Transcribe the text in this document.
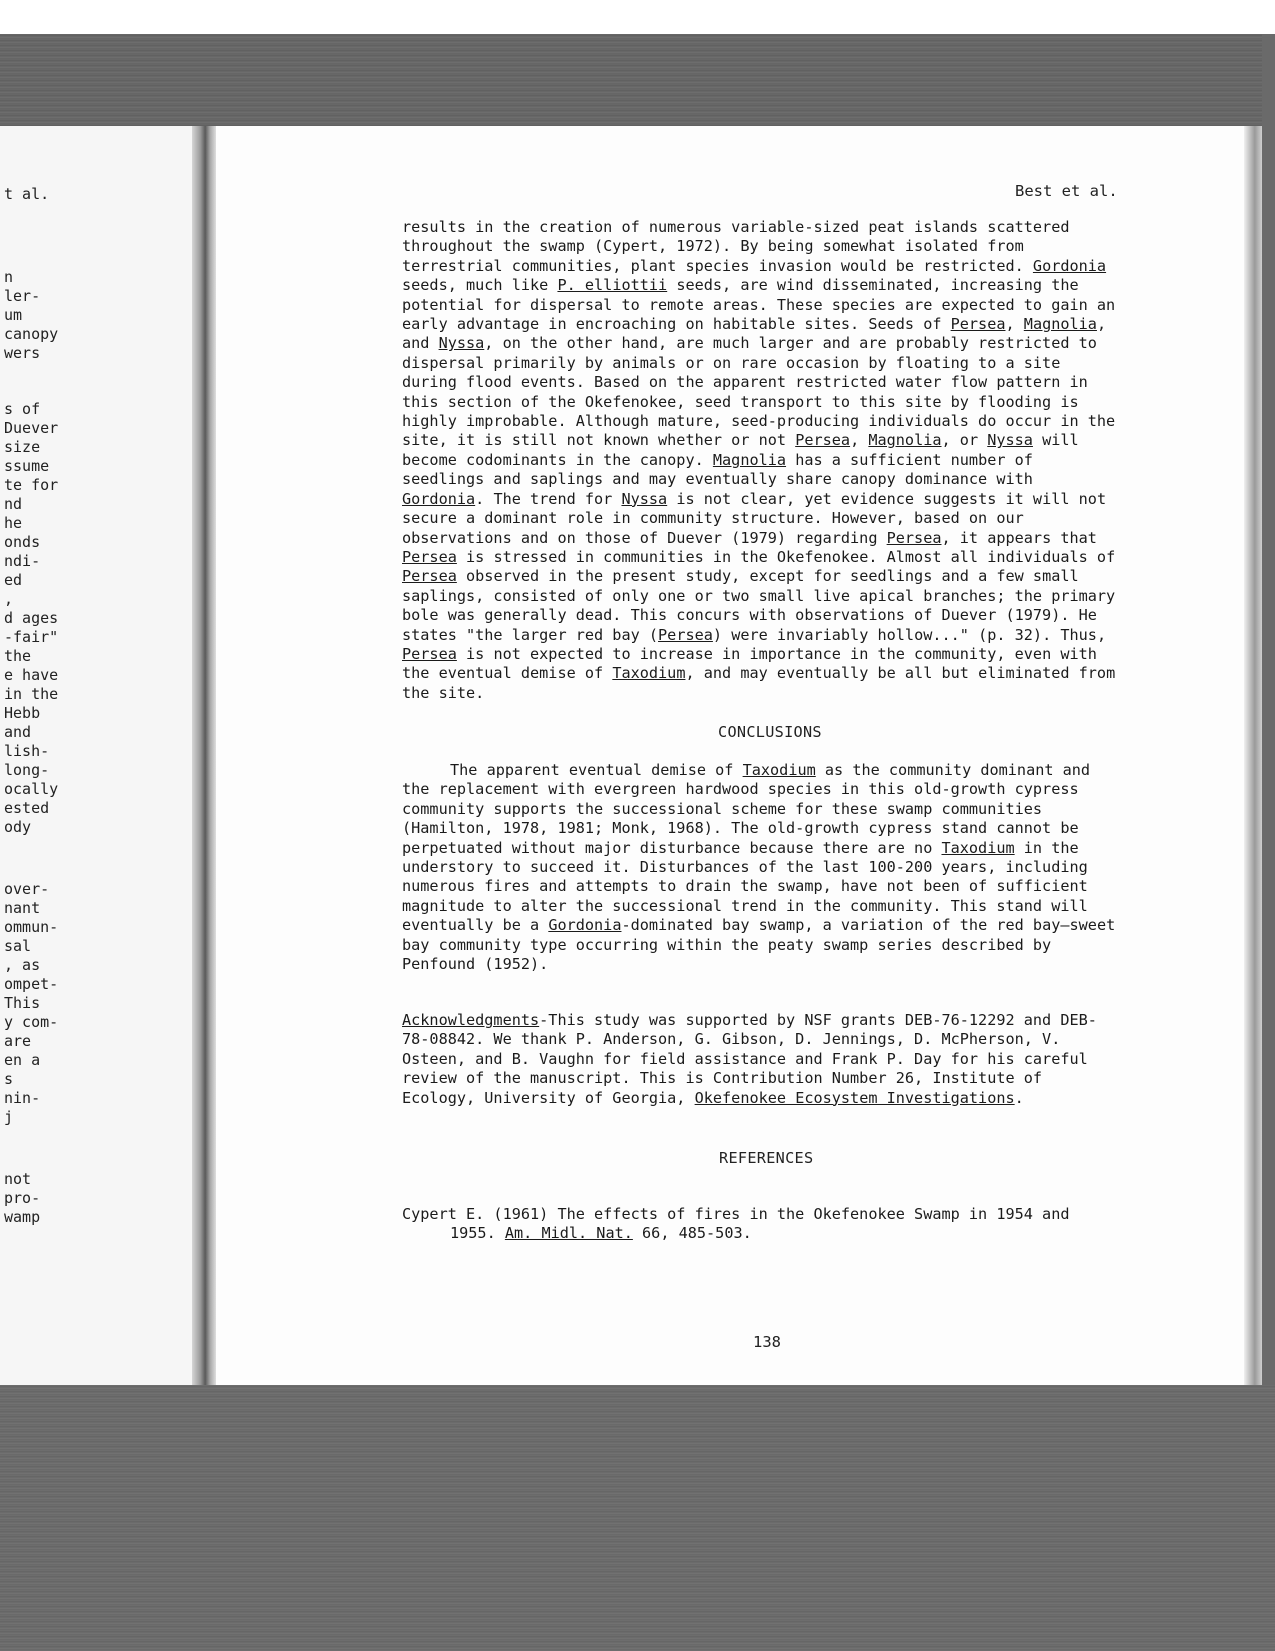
t al.
n
ler-
um
canopy
wers
s of
Duever
size
ssume
te for
nd
he
onds
ndi-
ed
,
d ages
-fair"
the
e have
in the
Hebb
and
lish-
long-
ocally
ested
ody
over-
nant
ommun-
sal
, as
ompet-
This
y com-
are
en a
s
nin-
j
not
pro-
wamp
Best et al.

results in the creation of numerous variable-sized peat islands scattered throughout the swamp (Cypert, 1972). By being somewhat isolated from terrestrial communities, plant species invasion would be restricted. Gordonia seeds, much like P. elliottii seeds, are wind disseminated, increasing the potential for dispersal to remote areas. These species are expected to gain an early advantage in encroaching on habitable sites. Seeds of Persea, Magnolia, and Nyssa, on the other hand, are much larger and are probably restricted to dispersal primarily by animals or on rare occasion by floating to a site during flood events. Based on the apparent restricted water flow pattern in this section of the Okefenokee, seed transport to this site by flooding is highly improbable. Although mature, seed-producing individuals do occur in the site, it is still not known whether or not Persea, Magnolia, or Nyssa will become codominants in the canopy. Magnolia has a sufficient number of seedlings and saplings and may eventually share canopy dominance with Gordonia. The trend for Nyssa is not clear, yet evidence suggests it will not secure a dominant role in community structure. However, based on our observations and on those of Duever (1979) regarding Persea, it appears that Persea is stressed in communities in the Okefenokee. Almost all individuals of Persea observed in the present study, except for seedlings and a few small saplings, consisted of only one or two small live apical branches; the primary bole was generally dead. This concurs with observations of Duever (1979). He states "the larger red bay (Persea) were invariably hollow..." (p. 32). Thus, Persea is not expected to increase in importance in the community, even with the eventual demise of Taxodium, and may eventually be all but eliminated from the site.

CONCLUSIONS

The apparent eventual demise of Taxodium as the community dominant and the replacement with evergreen hardwood species in this old-growth cypress community supports the successional scheme for these swamp communities (Hamilton, 1978, 1981; Monk, 1968). The old-growth cypress stand cannot be perpetuated without major disturbance because there are no Taxodium in the understory to succeed it. Disturbances of the last 100-200 years, including numerous fires and attempts to drain the swamp, have not been of sufficient magnitude to alter the successional trend in the community. This stand will eventually be a Gordonia-dominated bay swamp, a variation of the red bay—sweet bay community type occurring within the peaty swamp series described by Penfound (1952).

Acknowledgments-This study was supported by NSF grants DEB-76-12292 and DEB-78-08842. We thank P. Anderson, G. Gibson, D. Jennings, D. McPherson, V. Osteen, and B. Vaughn for field assistance and Frank P. Day for his careful review of the manuscript. This is Contribution Number 26, Institute of Ecology, University of Georgia, Okefenokee Ecosystem Investigations.

REFERENCES
Cypert E. (1961) The effects of fires in the Okefenokee Swamp in 1954 and
1955. Am. Midl. Nat. 66, 485-503.
138
